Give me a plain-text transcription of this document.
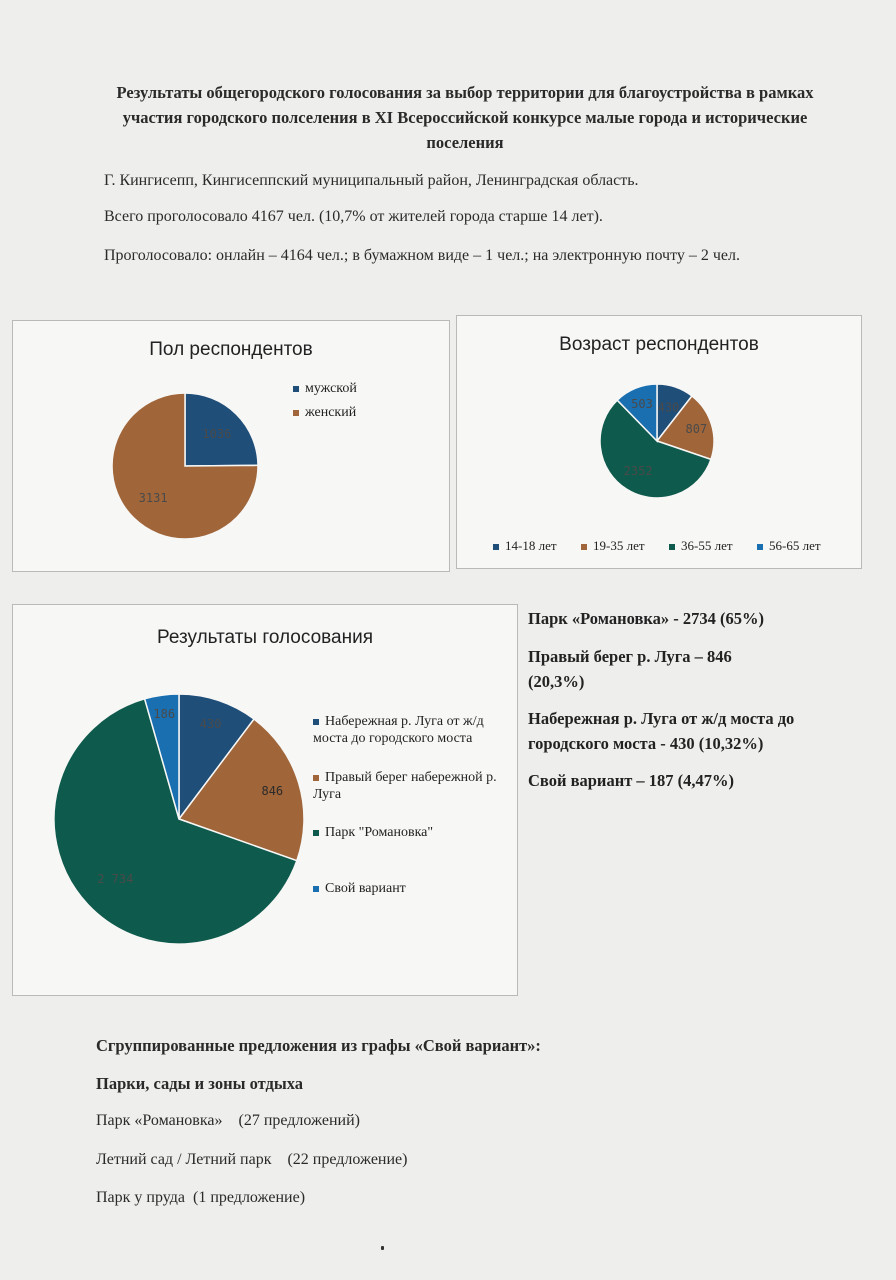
Результаты общегородского голосования за выбор территории для благоустройства в рамках участия городского полселения в XI Всероссийской конкурсе малые города и исторические поселения
Г. Кингисепп, Кингисеппский муниципальный район, Ленинградская область.
Всего проголосовало 4167 чел. (10,7% от жителей города старше 14 лет).
Проголосовало: онлайн – 4164 чел.; в бумажном виде – 1 чел.; на электронную почту – 2 чел.
Пол респондентов
1036
3131
мужской
женский
Возраст респондентов
430
807
2352
503
14-18 лет	19-35 лет	36-55 лет	56-65 лет
Результаты голосования
430
846
2 734
186
Набережная р. Луга от ж/д моста до городского моста
Правый берег набережной р. Луга
Парк "Романовка"
Свой вариант
Парк «Романовка» - 2734 (65%)
Правый берег р. Луга – 846 (20,3%)
Набережная р. Луга от ж/д моста до городского моста - 430 (10,32%)
Свой вариант – 187 (4,47%)
Сгруппированные предложения из графы «Свой вариант»:
Парки, сады и зоны отдыха
Парк «Романовка»    (27 предложений)
Летний сад / Летний парк    (22 предложение)
Парк у пруда  (1 предложение)
